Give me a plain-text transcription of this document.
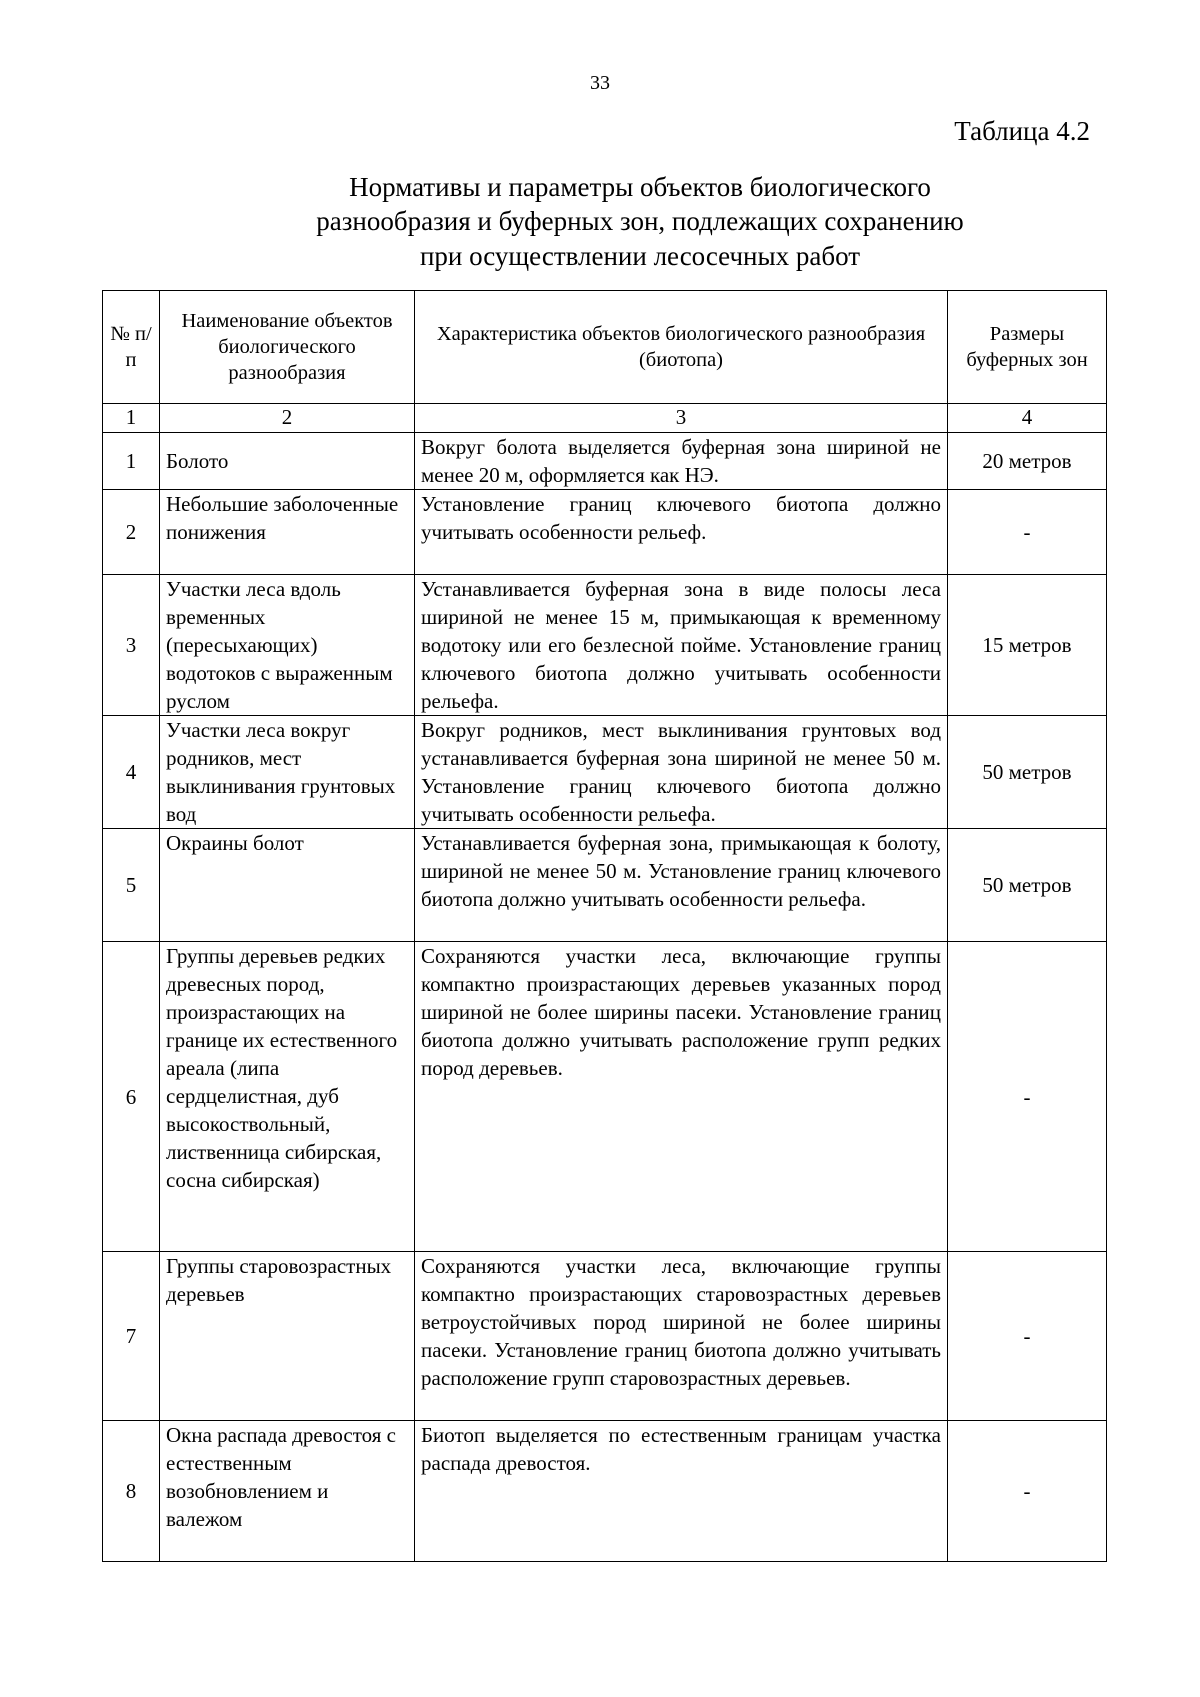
33
Таблица 4.2
Нормативы и параметры объектов биологического
разнообразия и буферных зон, подлежащих сохранению
при осуществлении лесосечных работ
№ п/п	Наименование объектов биологического разнообразия	Характеристика объектов биологического разнообразия (биотопа)	Размеры буферных зон
1	2	3	4
1	Болото	Вокруг болота выделяется буферная зона шириной не менее 20 м, оформляется как НЭ.	20 метров
2	Небольшие заболоченные понижения	Установление границ ключевого биотопа должно учитывать особенности рельеф.	-
3	Участки леса вдоль временных (пересыхающих) водотоков с выраженным руслом	Устанавливается буферная зона в виде полосы леса шириной не менее 15 м, примыкающая к временному водотоку или его безлесной пойме. Установление границ ключевого биотопа должно учитывать особенности рельефа.	15 метров
4	Участки леса вокруг родников, мест выклинивания грунтовых вод	Вокруг родников, мест выклинивания грунтовых вод устанавливается буферная зона шириной не менее 50 м. Установление границ ключевого биотопа должно учитывать особенности рельефа.	50 метров
5	Окраины болот	Устанавливается буферная зона, примыкающая к болоту, шириной не менее 50 м. Установление границ ключевого биотопа должно учитывать особенности рельефа.	50 метров
6	Группы деревьев редких древесных пород, произрастающих на границе их естественного ареала (липа сердцелистная, дуб высокоствольный, лиственница сибирская, сосна сибирская)	Сохраняются участки леса, включающие группы компактно произрастающих деревьев указанных пород шириной не более ширины пасеки. Установление границ биотопа должно учитывать расположение групп редких пород деревьев.	-
7	Группы старовозрастных деревьев	Сохраняются участки леса, включающие группы компактно произрастающих старовозрастных деревьев ветроустойчивых пород шириной не более ширины пасеки. Установление границ биотопа должно учитывать расположение групп старовозрастных деревьев.	-
8	Окна распада древостоя с естественным возобновлением и валежом	Биотоп выделяется по естественным границам участка распада древостоя.	-
